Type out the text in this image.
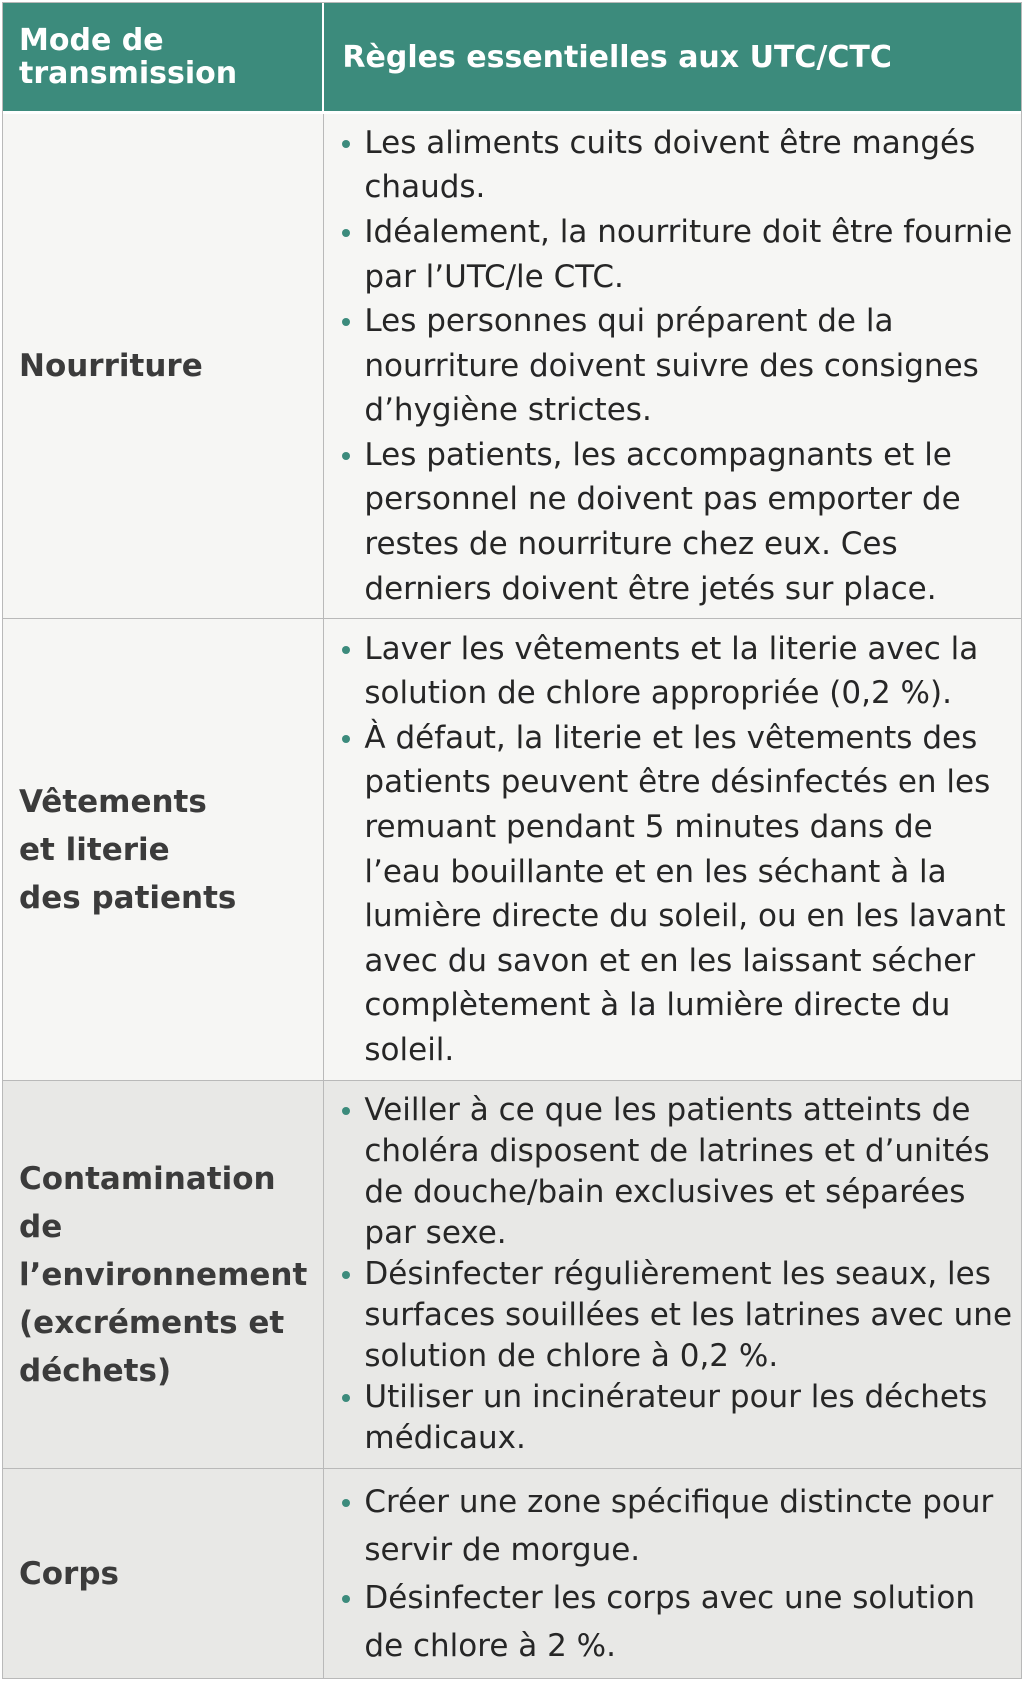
Mode de transmission	Règles essentielles aux UTC/CTC
Nourriture
Les aliments cuits doivent être mangés chauds.
Idéalement, la nourriture doit être fournie par l’UTC/le CTC.
Les personnes qui préparent de la nourriture doivent suivre des consignes d’hygiène strictes.
Les patients, les accompagnants et le personnel ne doivent pas emporter de restes de nourriture chez eux. Ces derniers doivent être jetés sur place.
Vêtements et literie des patients
Laver les vêtements et la literie avec la solution de chlore appropriée (0,2 %).
À défaut, la literie et les vêtements des patients peuvent être désinfectés en les remuant pendant 5 minutes dans de l’eau bouillante et en les séchant à la lumière directe du soleil, ou en les lavant avec du savon et en les laissant sécher complètement à la lumière directe du soleil.
Contamination de l’environnement (excréments et déchets)
Veiller à ce que les patients atteints de choléra disposent de latrines et d’unités de douche/bain exclusives et séparées par sexe.
Désinfecter régulièrement les seaux, les surfaces souillées et les latrines avec une solution de chlore à 0,2 %.
Utiliser un incinérateur pour les déchets médicaux.
Corps
Créer une zone spécifique distincte pour servir de morgue.
Désinfecter les corps avec une solution de chlore à 2 %.
